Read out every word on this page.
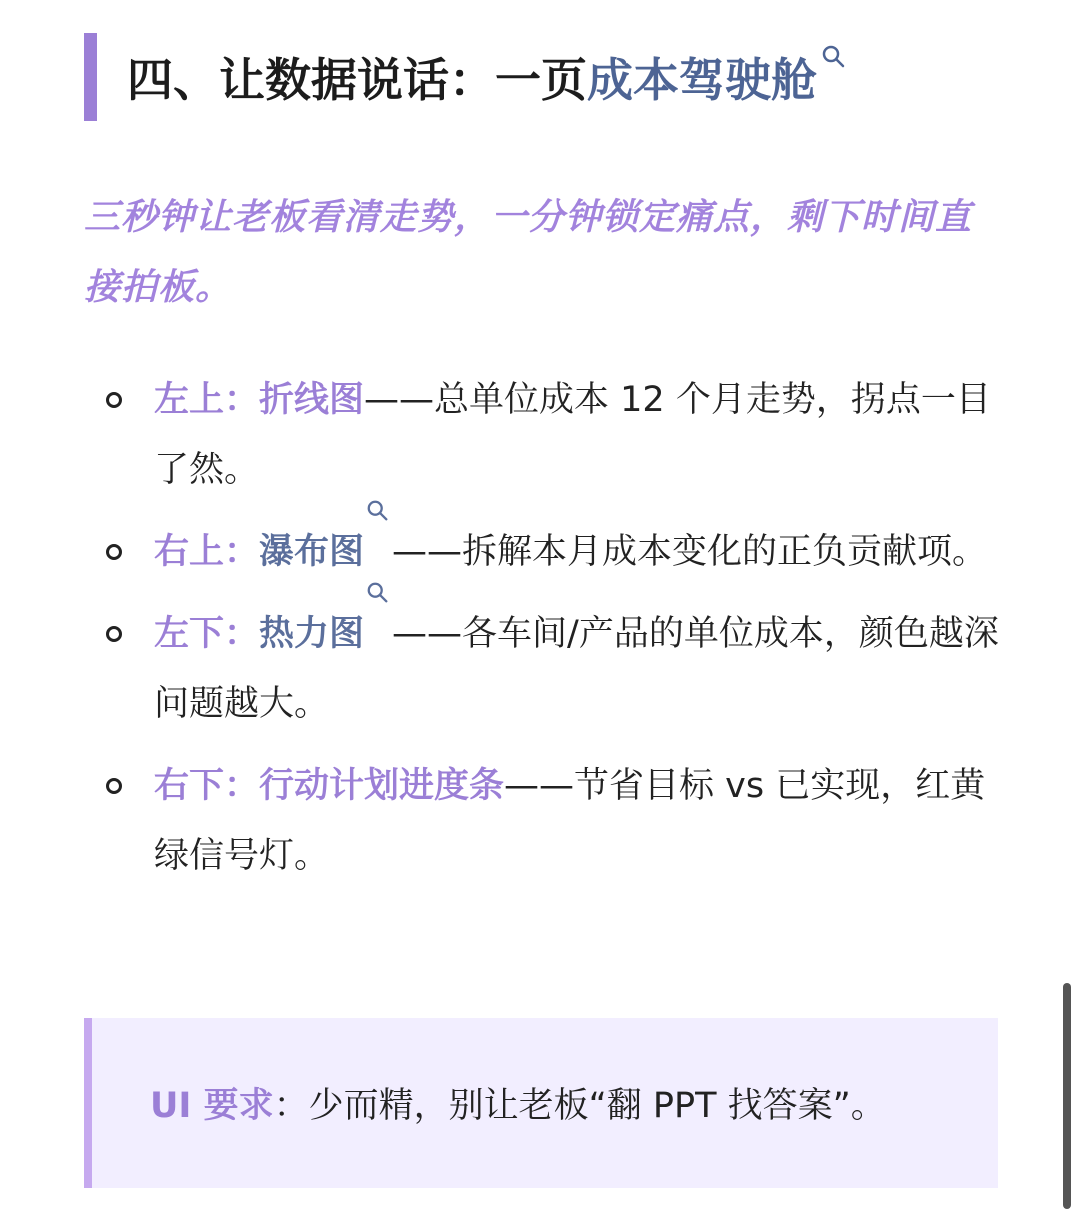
四、让数据说话：一页 成本驾驶舱

三秒钟让老板看清走势，一分钟锁定痛点，剩下时间直接拍板。

左上：折线图——总单位成本 12 个月走势，拐点一目了然。
右上：瀑布图 ——拆解本月成本变化的正负贡献项。
左下：热力图 ——各车间/产品的单位成本，颜色越深问题越大。
右下：行动计划进度条——节省目标 vs 已实现，红黄绿信号灯。
UI 要求 ：少而精，别让老板“翻 PPT 找答案”。
